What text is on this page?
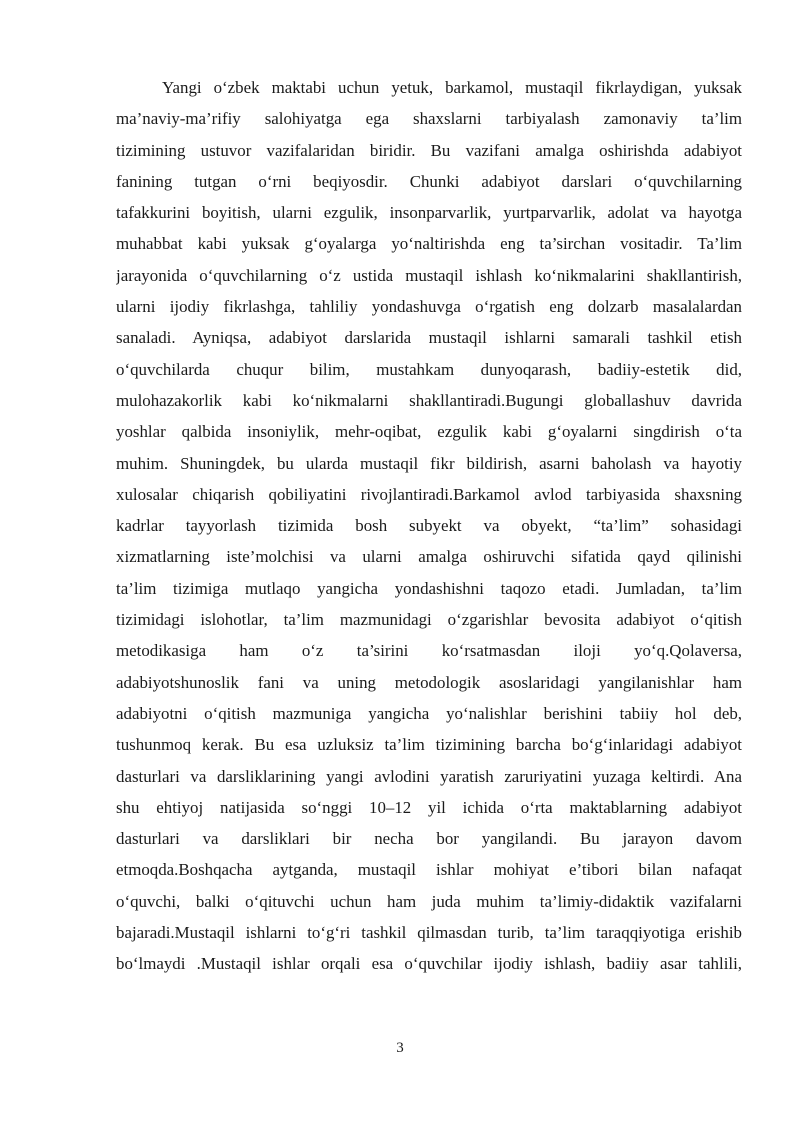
Yangi o‘zbek maktabi uchun yetuk, barkamol, mustaqil fikrlaydigan, yuksak
ma’naviy-ma’rifiy salohiyatga ega shaxslarni tarbiyalash zamonaviy ta’lim
tizimining ustuvor vazifalaridan biridir. Bu vazifani amalga oshirishda adabiyot
fanining tutgan o‘rni beqiyosdir. Chunki adabiyot darslari o‘quvchilarning
tafakkurini boyitish, ularni ezgulik, insonparvarlik, yurtparvarlik, adolat va hayotga
muhabbat kabi yuksak g‘oyalarga yo‘naltirishda eng ta’sirchan vositadir. Ta’lim
jarayonida o‘quvchilarning o‘z ustida mustaqil ishlash ko‘nikmalarini shakllantirish,
ularni ijodiy fikrlashga, tahliliy yondashuvga o‘rgatish eng dolzarb masalalardan
sanaladi. Ayniqsa, adabiyot darslarida mustaqil ishlarni samarali tashkil etish
o‘quvchilarda chuqur bilim, mustahkam dunyoqarash, badiiy-estetik did,
mulohazakorlik kabi ko‘nikmalarni shakllantiradi.Bugungi globallashuv davrida
yoshlar qalbida insoniylik, mehr-oqibat, ezgulik kabi g‘oyalarni singdirish o‘ta
muhim. Shuningdek, bu ularda mustaqil fikr bildirish, asarni baholash va hayotiy
xulosalar chiqarish qobiliyatini rivojlantiradi.Barkamol avlod tarbiyasida shaxsning
kadrlar tayyorlash tizimida bosh subyekt va obyekt, “ta’lim” sohasidagi
xizmatlarning iste’molchisi va ularni amalga oshiruvchi sifatida qayd qilinishi
ta’lim tizimiga mutlaqo yangicha yondashishni taqozo etadi. Jumladan, ta’lim
tizimidagi islohotlar, ta’lim mazmunidagi o‘zgarishlar bevosita adabiyot o‘qitish
metodikasiga ham o‘z ta’sirini ko‘rsatmasdan iloji yo‘q.Qolaversa,
adabiyotshunoslik fani va uning metodologik asoslaridagi yangilanishlar ham
adabiyotni o‘qitish mazmuniga yangicha yo‘nalishlar berishini tabiiy hol deb,
tushunmoq kerak. Bu esa uzluksiz ta’lim tizimining barcha bo‘g‘inlaridagi adabiyot
dasturlari va darsliklarining yangi avlodini yaratish zaruriyatini yuzaga keltirdi. Ana
shu ehtiyoj natijasida so‘nggi 10–12 yil ichida o‘rta maktablarning adabiyot
dasturlari va darsliklari bir necha bor yangilandi. Bu jarayon davom
etmoqda.Boshqacha aytganda, mustaqil ishlar mohiyat e’tibori bilan nafaqat
o‘quvchi, balki o‘qituvchi uchun ham juda muhim ta’limiy-didaktik vazifalarni
bajaradi.Mustaqil ishlarni to‘g‘ri tashkil qilmasdan turib, ta’lim taraqqiyotiga erishib
bo‘lmaydi .Mustaqil ishlar orqali esa o‘quvchilar ijodiy ishlash, badiiy asar tahlili,
3
